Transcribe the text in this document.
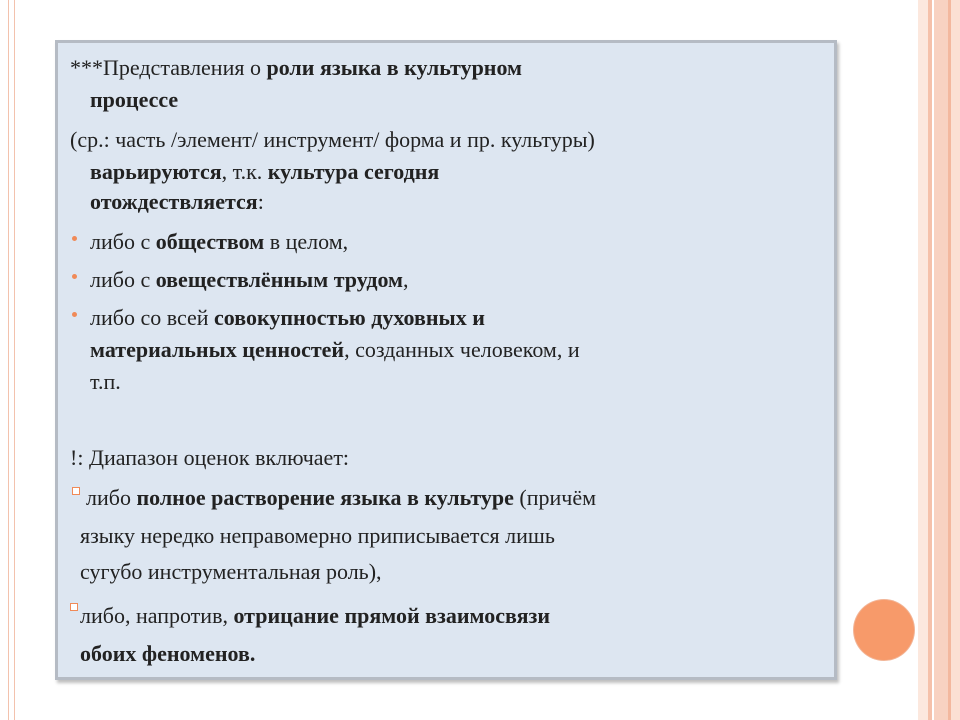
***Представления о роли языка в культурном
процессе
(ср.: часть /элемент/ инструмент/ форма и пр. культуры)
варьируются, т.к. культура сегодня
отождествляется:
либо с обществом в целом,
либо с овеществлённым трудом,
либо со всей совокупностью духовных и
материальных ценностей, созданных человеком, и
т.п.
!: Диапазон оценок включает:
либо полное растворение языка в культуре (причём
языку нередко неправомерно приписывается лишь
сугубо инструментальная роль),
либо, напротив, отрицание прямой взаимосвязи
обоих феноменов.
